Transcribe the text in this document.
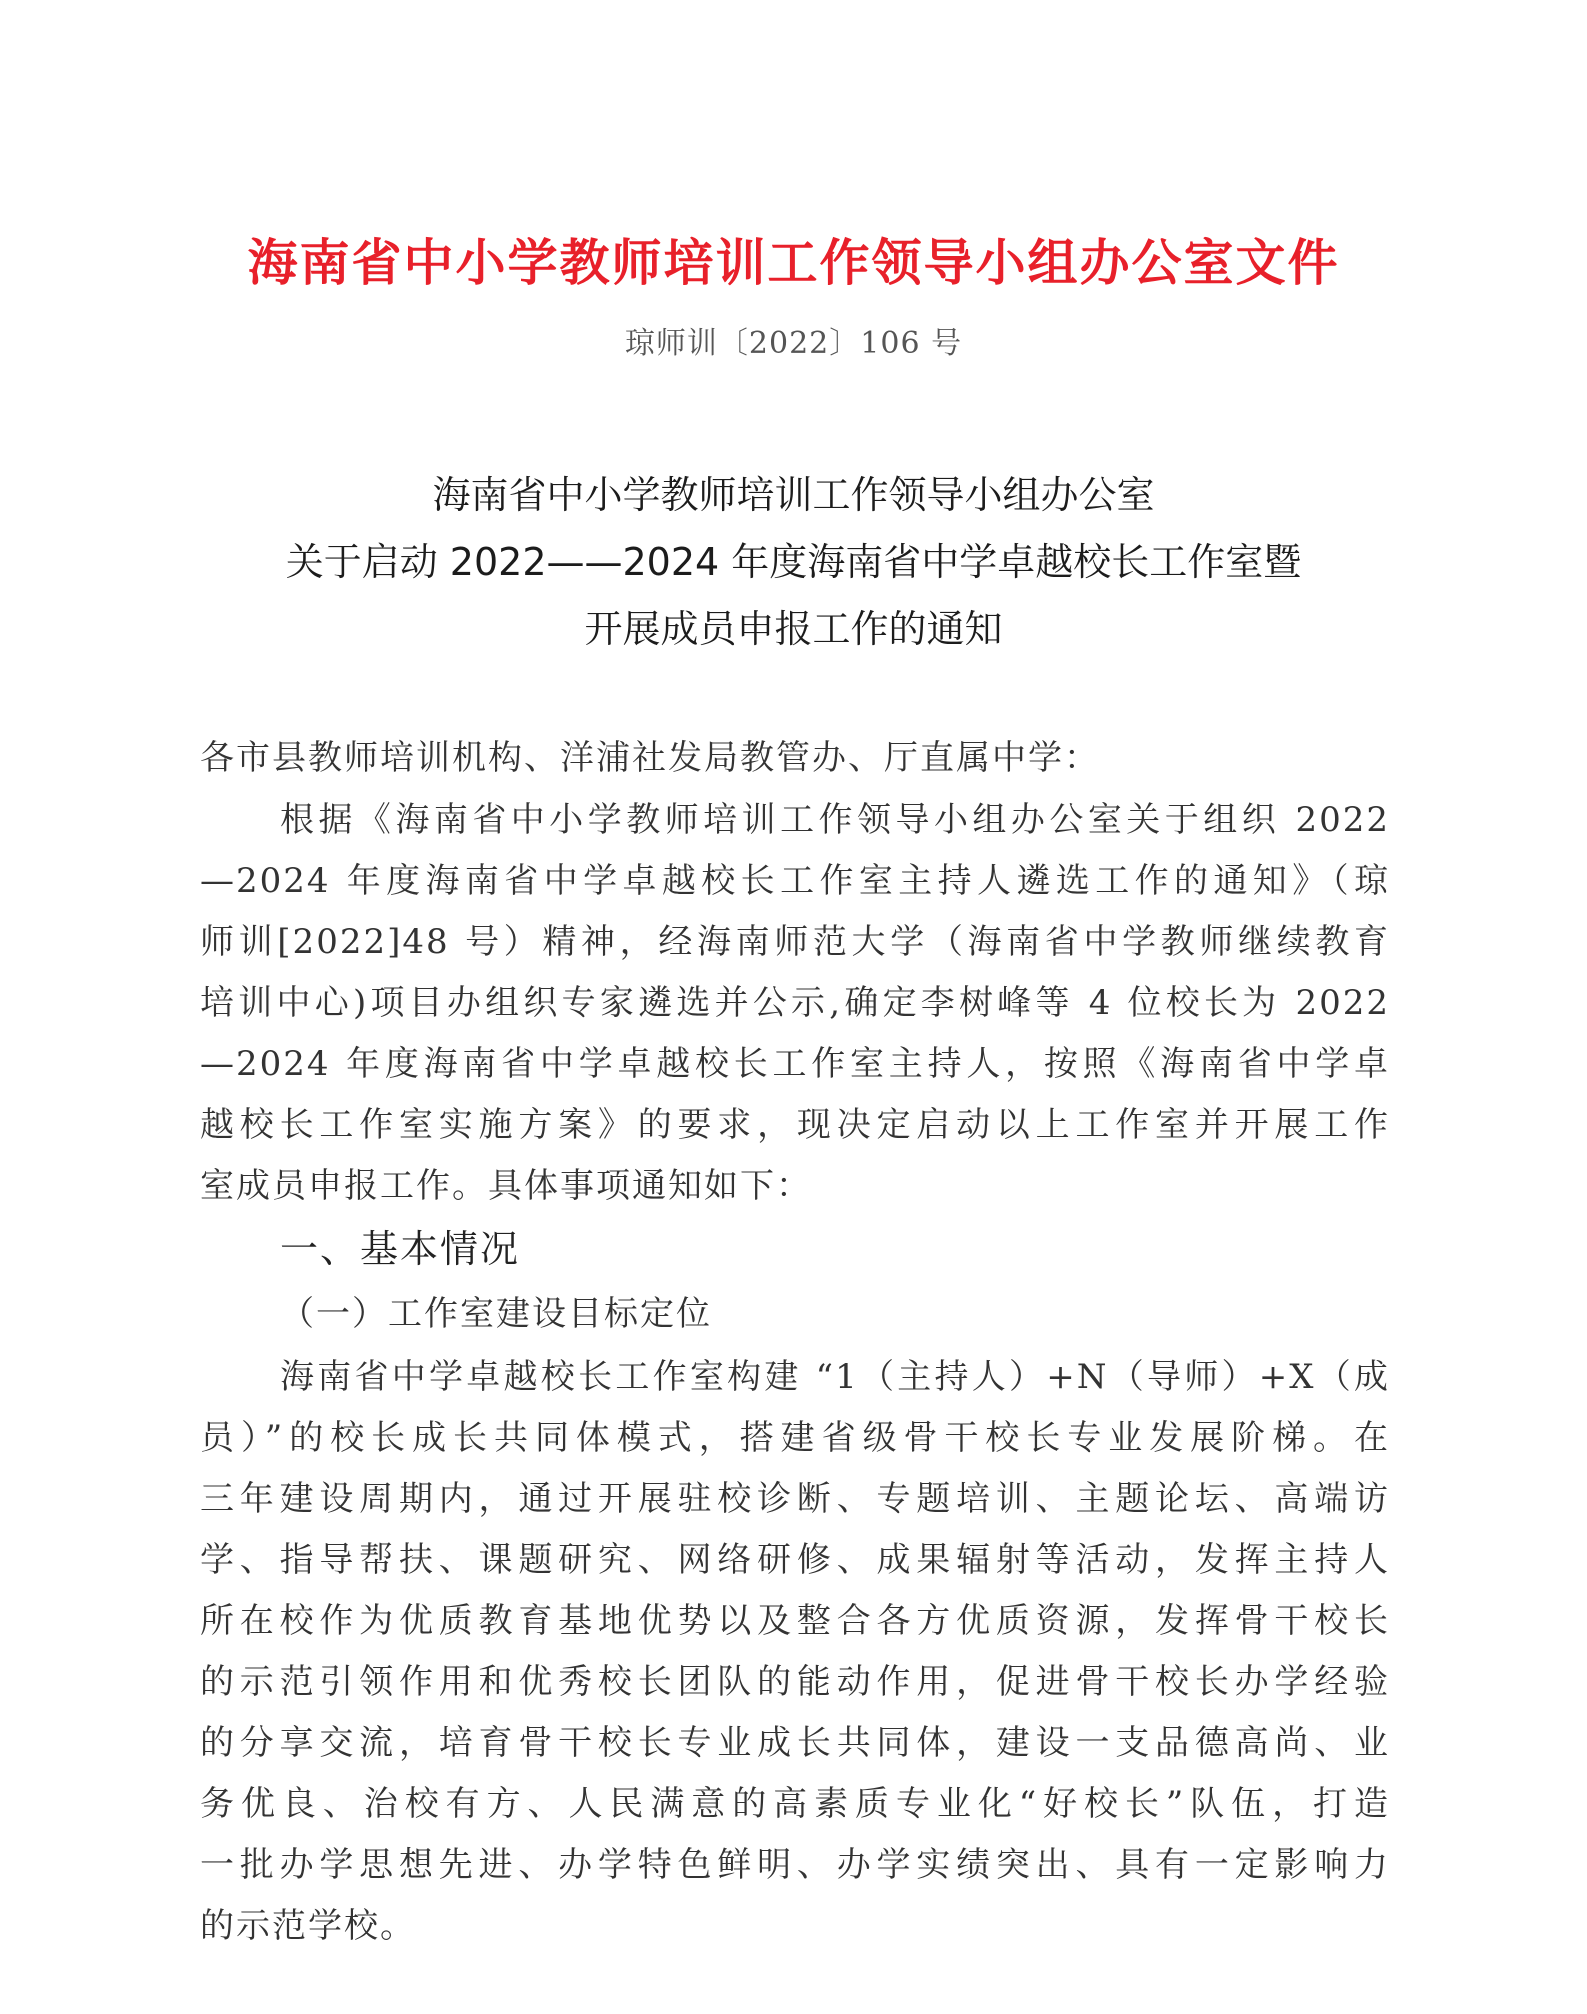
海南省中小学教师培训工作领导小组办公室文件
琼师训〔2022〕106 号
海南省中小学教师培训工作领导小组办公室
关于启动 2022——2024 年度海南省中学卓越校长工作室暨
开展成员申报工作的通知

各市县教师培训机构、洋浦社发局教管办、厅直属中学：

根据《海南省中小学教师培训工作领导小组办公室关于组织 2022
—2024 年度海南省中学卓越校长工作室主持人遴选工作的通知》（琼
师训[2022]48 号）精神，经海南师范大学（海南省中学教师继续教育
培训中心)项目办组织专家遴选并公示,确定李树峰等 4 位校长为 2022
—2024 年度海南省中学卓越校长工作室主持人，按照《海南省中学卓
越校长工作室实施方案》的要求，现决定启动以上工作室并开展工作
室成员申报工作。具体事项通知如下：

一、基本情况

（一）工作室建设目标定位

海南省中学卓越校长工作室构建 “1（主持人）+N（导师）+X（成
员）”的校长成长共同体模式，搭建省级骨干校长专业发展阶梯。在
三年建设周期内，通过开展驻校诊断、专题培训、主题论坛、高端访
学、指导帮扶、课题研究、网络研修、成果辐射等活动，发挥主持人
所在校作为优质教育基地优势以及整合各方优质资源，发挥骨干校长
的示范引领作用和优秀校长团队的能动作用，促进骨干校长办学经验
的分享交流，培育骨干校长专业成长共同体，建设一支品德高尚、业
务优良、治校有方、人民满意的高素质专业化“好校长”队伍，打造
一批办学思想先进、办学特色鲜明、办学实绩突出、具有一定影响力
的示范学校。
